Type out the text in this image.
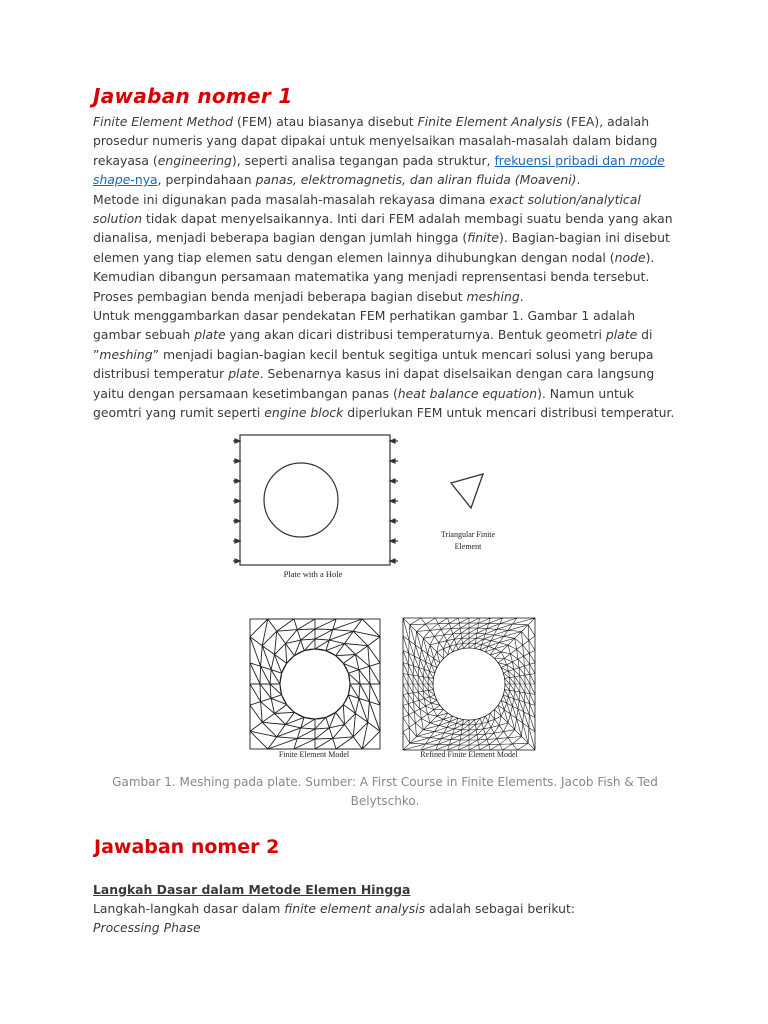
Jawaban nomer 1

Finite Element Method (FEM) atau biasanya disebut Finite Element Analysis (FEA), adalah prosedur numeris yang dapat dipakai untuk menyelsaikan masalah-masalah dalam bidang rekayasa (engineering), seperti analisa tegangan pada struktur, frekuensi pribadi dan mode shape-nya, perpindahaan panas, elektromagnetis, dan aliran fluida (Moaveni).

Metode ini digunakan pada masalah-masalah rekayasa dimana exact solution/analytical solution tidak dapat menyelsaikannya. Inti dari FEM adalah membagi suatu benda yang akan dianalisa, menjadi beberapa bagian dengan jumlah hingga (finite). Bagian-bagian ini disebut elemen yang tiap elemen satu dengan elemen lainnya dihubungkan dengan nodal (node). Kemudian dibangun persamaan matematika yang menjadi reprensentasi benda tersebut. Proses pembagian benda menjadi beberapa bagian disebut meshing.

Untuk menggambarkan dasar pendekatan FEM perhatikan gambar 1. Gambar 1 adalah gambar sebuah plate yang akan dicari distribusi temperaturnya. Bentuk geometri plate di ”meshing” menjadi bagian-bagian kecil bentuk segitiga untuk mencari solusi yang berupa distribusi temperatur plate. Sebenarnya kasus ini dapat diselsaikan dengan cara langsung yaitu dengan persamaan kesetimbangan panas (heat balance equation). Namun untuk geomtri yang rumit seperti engine block diperlukan FEM untuk mencari distribusi temperatur.

Plate with a Hole
Triangular Finite
Element
Finite Element Model	Refined Finite Element Model
Gambar 1. Meshing pada plate. Sumber: A First Course in Finite Elements. Jacob Fish & Ted Belytschko.
Jawaban nomer 2
Langkah Dasar dalam Metode Elemen Hingga

Langkah-langkah dasar dalam finite element analysis adalah sebagai berikut:

Processing Phase
